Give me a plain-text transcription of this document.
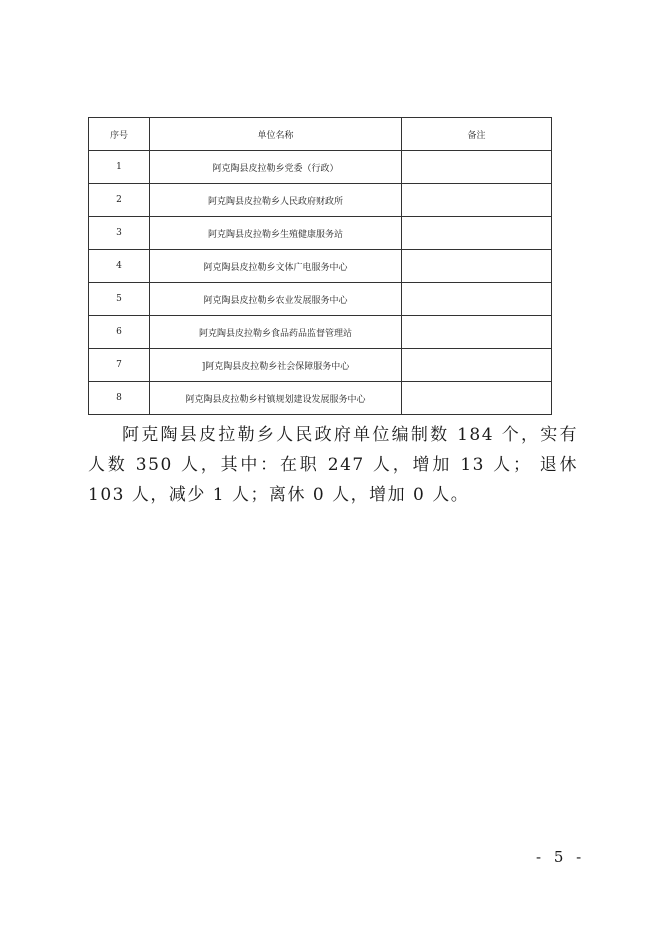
序号	单位名称	备注
1	阿克陶县皮拉勒乡党委（行政）	
2	阿克陶县皮拉勒乡人民政府财政所	
3	阿克陶县皮拉勒乡生殖健康服务站	
4	阿克陶县皮拉勒乡文体广电服务中心	
5	阿克陶县皮拉勒乡农业发展服务中心	
6	阿克陶县皮拉勒乡食品药品监督管理站	
7	]阿克陶县皮拉勒乡社会保障服务中心	
8	阿克陶县皮拉勒乡村镇规划建设发展服务中心	

阿克陶县皮拉勒乡人民政府单位编制数 184 个，实有人数 350 人，其中：在职 247 人，增加 13 人； 退休 103 人，减少 1 人；离休 0 人，增加 0 人。

- 5 -
